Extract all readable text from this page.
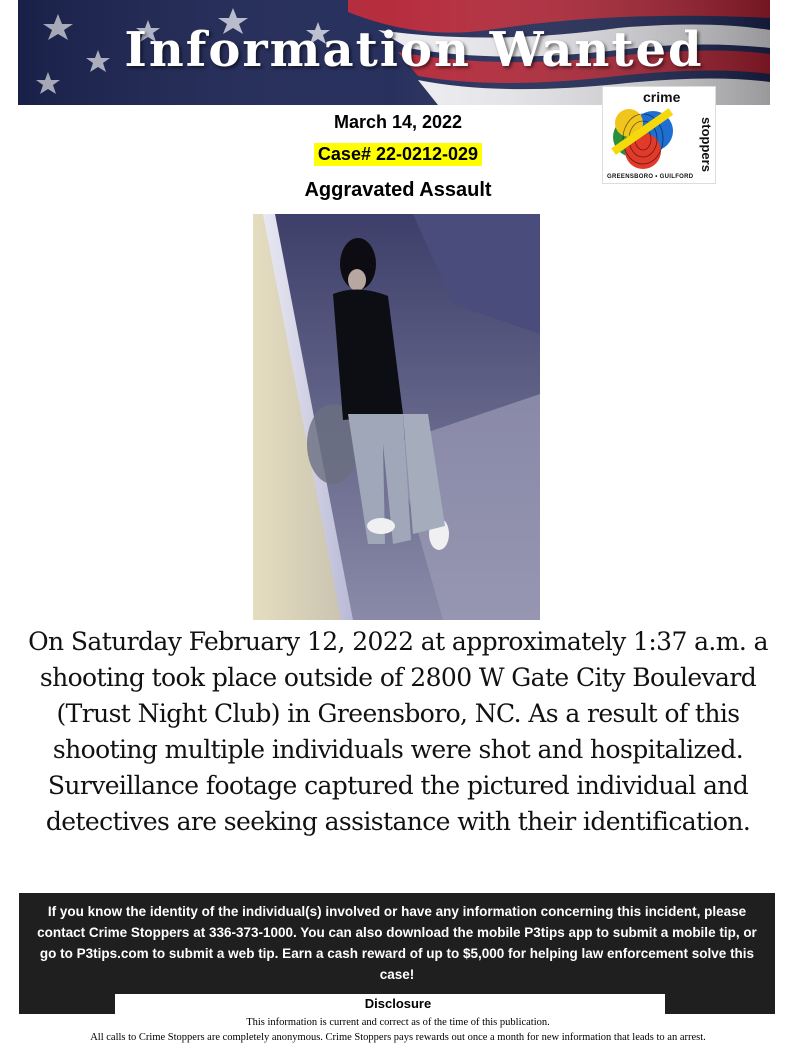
Information Wanted
March 14, 2022
Case# 22-0212-029
Aggravated Assault
crime
stoppers
GREENSBORO • GUILFORD
On Saturday February 12, 2022 at approximately 1:37 a.m. a shooting took place outside of 2800 W Gate City Boulevard (Trust Night Club) in Greensboro, NC. As a result of this shooting multiple individuals were shot and hospitalized. Surveillance footage captured the pictured individual and detectives are seeking assistance with their identification.
If you know the identity of the individual(s) involved or have any information concerning this incident, please contact Crime Stoppers at 336-373-1000. You can also download the mobile P3tips app to submit a mobile tip, or go to P3tips.com to submit a web tip. Earn a cash reward of up to $5,000 for helping law enforcement solve this case!
Disclosure
This information is current and correct as of the time of this publication.
All calls to Crime Stoppers are completely anonymous. Crime Stoppers pays rewards out once a month for new information that leads to an arrest.
